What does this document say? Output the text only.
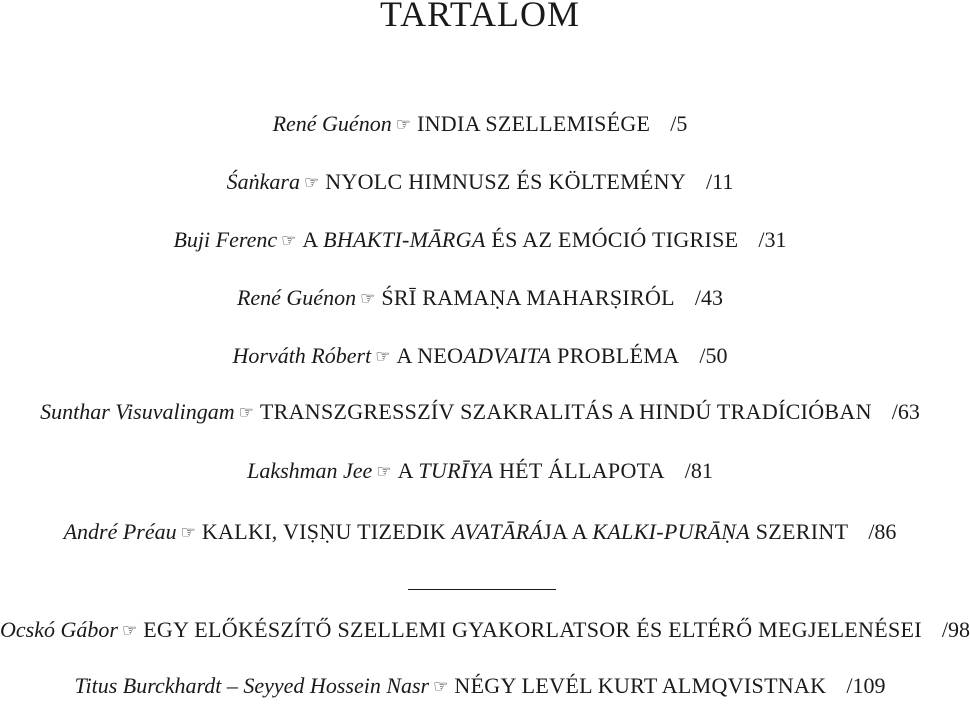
TARTALOM
René Guénon ☞ INDIA SZELLEMISÉGE /5
Śaṅkara ☞ NYOLC HIMNUSZ ÉS KÖLTEMÉNY /11
Buji Ferenc ☞ A BHAKTI-MĀRGA ÉS AZ EMÓCIÓ TIGRISE /31
René Guénon ☞ ŚRĪ RAMAṆA MAHARṢIRÓL /43
Horváth Róbert ☞ A NEOADVAITA PROBLÉMA /50
Sunthar Visuvalingam ☞ TRANSZGRESSZÍV SZAKRALITÁS A HINDÚ TRADÍCIÓBAN /63
Lakshman Jee ☞ A TURĪYA HÉT ÁLLAPOTA /81
André Préau ☞ KALKI, VIṢṆU TIZEDIK AVATĀRÁJA A KALKI-PURĀṆA SZERINT /86
Ocskó Gábor ☞ EGY ELŐKÉSZÍTŐ SZELLEMI GYAKORLATSOR ÉS ELTÉRŐ MEGJELENÉSEI /98
Titus Burckhardt – Seyyed Hossein Nasr ☞ NÉGY LEVÉL KURT ALMQVISTNAK /109
